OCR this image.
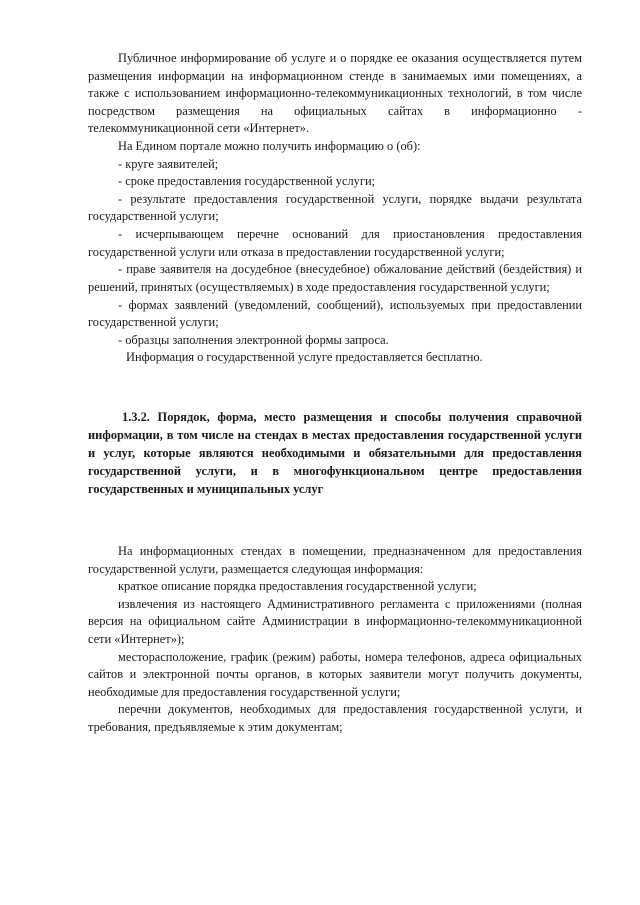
Публичное информирование об услуге и о порядке ее оказания осуществляется путем размещения информации на информационном стенде в занимаемых ими помещениях, а также с использованием информационно-телекоммуникационных технологий, в том числе посредством размещения на официальных сайтах в информационно - телекоммуникационной сети «Интернет».

На Едином портале можно получить информацию о (об):

- круге заявителей;

- сроке предоставления государственной услуги;

- результате предоставления государственной услуги, порядке выдачи результата государственной услуги;

- исчерпывающем перечне оснований для приостановления предоставления государственной услуги или отказа в предоставлении государственной услуги;

- праве заявителя на досудебное (внесудебное) обжалование действий (бездействия) и решений, принятых (осуществляемых) в ходе предоставления государственной услуги;

- формах заявлений (уведомлений, сообщений), используемых при предоставлении государственной услуги;

- образцы заполнения электронной формы запроса.

Информация о государственной услуге предоставляется бесплатно.

1.3.2. Порядок, форма, место размещения и способы получения справочной информации, в том числе на стендах в местах предоставления государственной услуги и услуг, которые являются необходимыми и обязательными для предоставления государственной услуги, и в многофункциональном центре предоставления государственных и муниципальных услуг

На информационных стендах в помещении, предназначенном для предоставления государственной услуги, размещается следующая информация:

краткое описание порядка предоставления государственной услуги;

извлечения из настоящего Административного регламента с приложениями (полная версия на официальном сайте Администрации в информационно-телекоммуникационной сети «Интернет»);

месторасположение, график (режим) работы, номера телефонов, адреса официальных сайтов и электронной почты органов, в которых заявители могут получить документы, необходимые для предоставления государственной услуги;

перечни документов, необходимых для предоставления государственной услуги, и требования, предъявляемые к этим документам;
